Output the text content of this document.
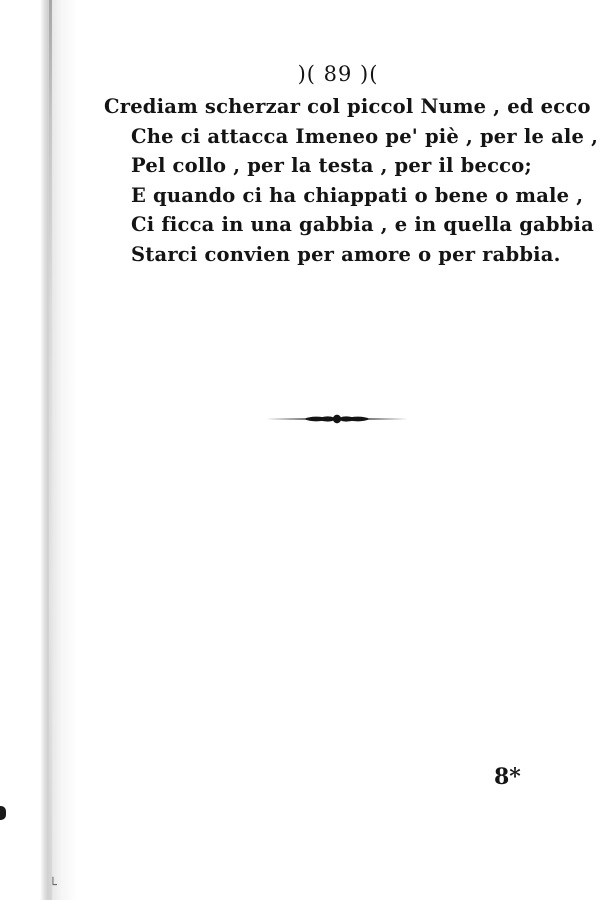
)( 89 )(
Crediam scherzar col piccol Nume , ed ecco
Che ci attacca Imeneo pe' piè , per le ale ,
Pel collo , per la testa , per il becco;
E quando ci ha chiappati o bene o male ,
Ci ficca in una gabbia , e in quella gabbia
Starci convien per amore o per rabbia.
8*
└
